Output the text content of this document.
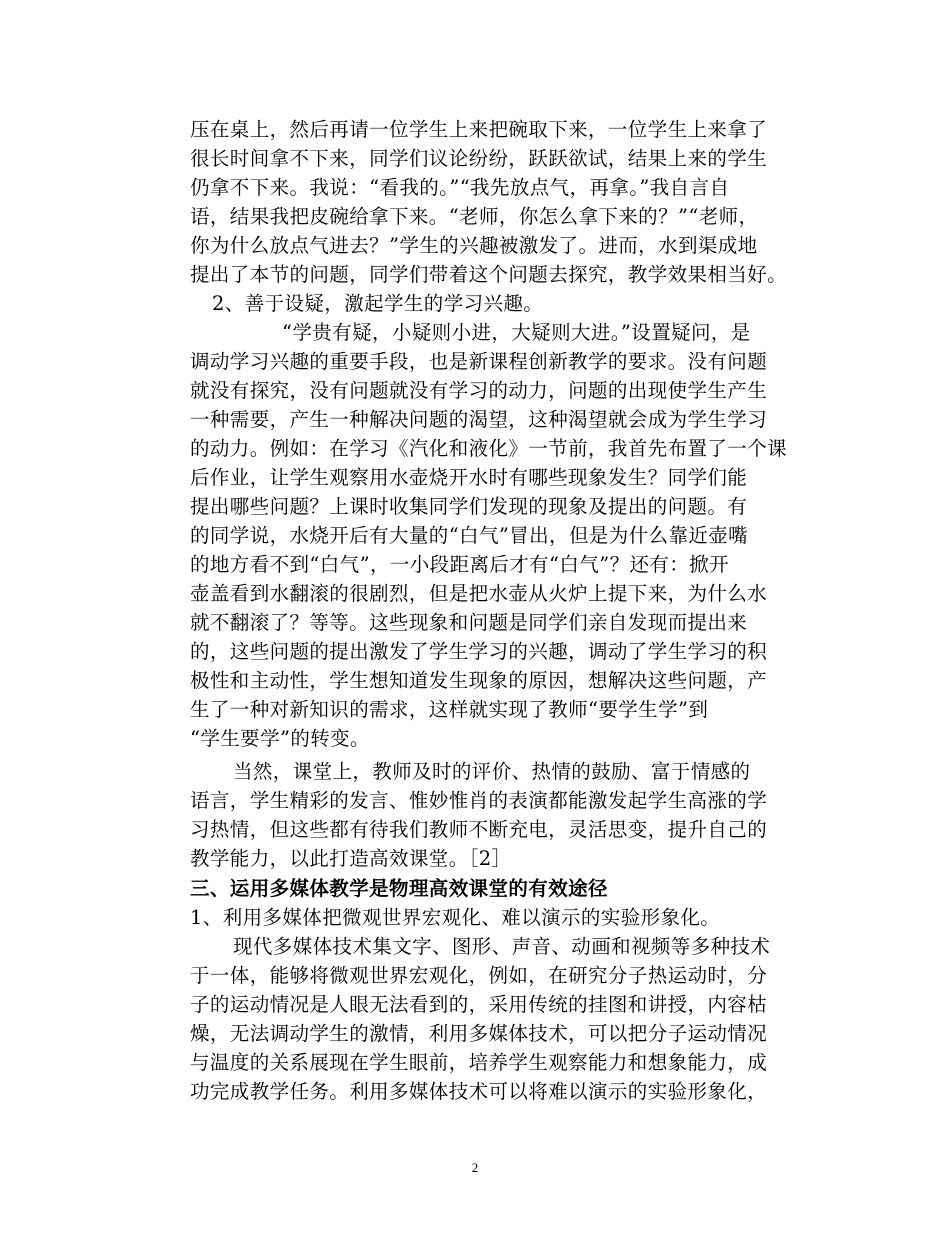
压在桌上，然后再请一位学生上来把碗取下来，一位学生上来拿了
很长时间拿不下来，同学们议论纷纷，跃跃欲试，结果上来的学生
仍拿不下来。我说：“看我的。”“我先放点气，再拿。”我自言自
语，结果我把皮碗给拿下来。“老师，你怎么拿下来的？”“老师，
你为什么放点气进去？”学生的兴趣被激发了。进而，水到渠成地
提出了本节的问题，同学们带着这个问题去探究，教学效果相当好。
2、善于设疑，激起学生的学习兴趣。
“学贵有疑，小疑则小进，大疑则大进。”设置疑问，是
调动学习兴趣的重要手段，也是新课程创新教学的要求。没有问题
就没有探究，没有问题就没有学习的动力，问题的出现使学生产生
一种需要，产生一种解决问题的渴望，这种渴望就会成为学生学习
的动力。例如：在学习《汽化和液化》一节前，我首先布置了一个课
后作业，让学生观察用水壶烧开水时有哪些现象发生？同学们能
提出哪些问题？上课时收集同学们发现的现象及提出的问题。有
的同学说，水烧开后有大量的“白气”冒出，但是为什么靠近壶嘴
的地方看不到“白气”，一小段距离后才有“白气”？还有：掀开
壶盖看到水翻滚的很剧烈，但是把水壶从火炉上提下来，为什么水
就不翻滚了？等等。这些现象和问题是同学们亲自发现而提出来
的，这些问题的提出激发了学生学习的兴趣，调动了学生学习的积
极性和主动性，学生想知道发生现象的原因，想解决这些问题，产
生了一种对新知识的需求，这样就实现了教师“要学生学”到
“学生要学”的转变。
当然，课堂上，教师及时的评价、热情的鼓励、富于情感的
语言，学生精彩的发言、惟妙惟肖的表演都能激发起学生高涨的学
习热情，但这些都有待我们教师不断充电，灵活思变，提升自己的
教学能力，以此打造高效课堂。［2］
三、运用多媒体教学是物理高效课堂的有效途径
1、利用多媒体把微观世界宏观化、难以演示的实验形象化。
现代多媒体技术集文字、图形、声音、动画和视频等多种技术
于一体，能够将微观世界宏观化，例如，在研究分子热运动时，分
子的运动情况是人眼无法看到的，采用传统的挂图和讲授，内容枯
燥，无法调动学生的激情，利用多媒体技术，可以把分子运动情况
与温度的关系展现在学生眼前，培养学生观察能力和想象能力，成
功完成教学任务。利用多媒体技术可以将难以演示的实验形象化，
2
